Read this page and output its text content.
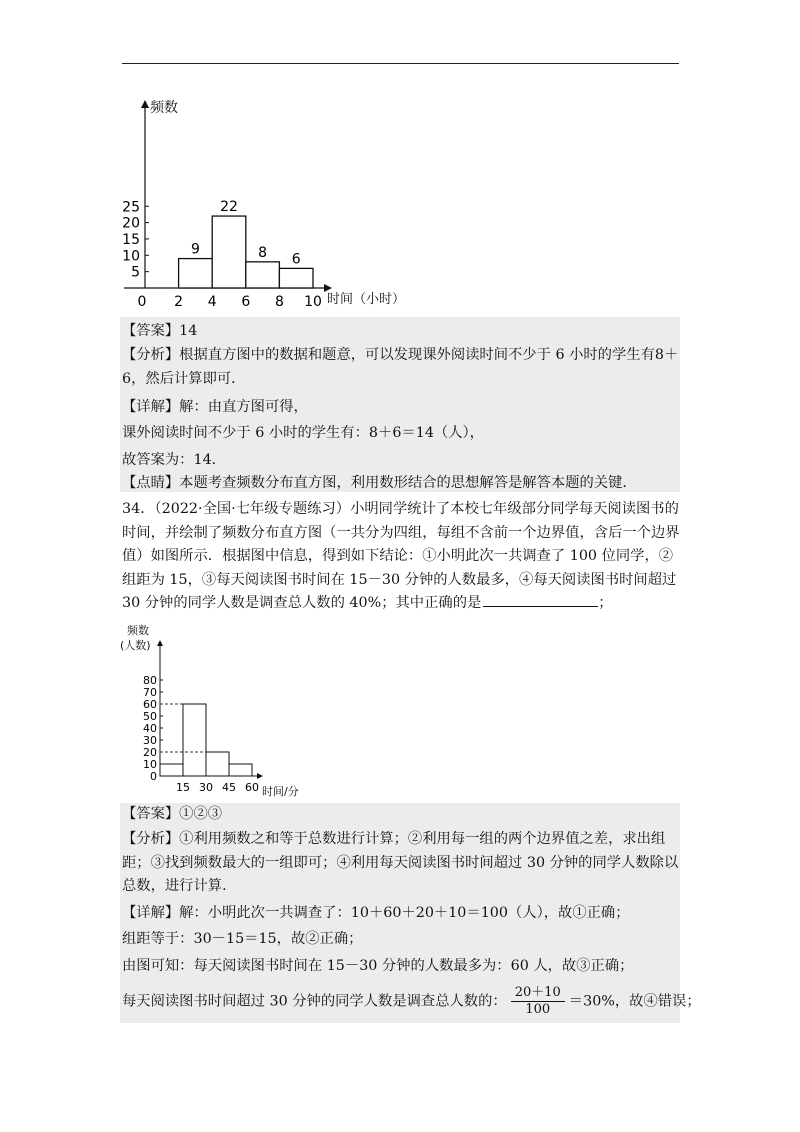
5
10
15
20
25
0 2 4 6 8 10
9
22
8 6
频数
时间（小时）
【答案】14

【分析】根据直方图中的数据和题意，可以发现课外阅读时间不少于 6 小时的学生有8＋6，然后计算即可．

【详解】解：由直方图可得，
课外阅读时间不少于 6 小时的学生有：8＋6＝14（人），
故答案为：14．
【点睛】本题考查频数分布直方图，利用数形结合的思想解答是解答本题的关键．

34．（2022·全国·七年级专题练习）小明同学统计了本校七年级部分同学每天阅读图书的时间，并绘制了频数分布直方图（一共分为四组，每组不含前一个边界值，含后一个边界值）如图所示．根据图中信息，得到如下结论：①小明此次一共调查了 100 位同学，②组距为 15，③每天阅读图书时间在 15－30 分钟的人数最多，④每天阅读图书时间超过 30 分钟的同学人数是调查总人数的 40%；其中正确的是	；

频数
(人数)
0
10
20
30
40
50
60
70
80
15 30 45 60 时间/分
【答案】①②③

【分析】①利用频数之和等于总数进行计算；②利用每一组的两个边界值之差，求出组距；③找到频数最大的一组即可；④利用每天阅读图书时间超过 30 分钟的同学人数除以总数，进行计算．

【详解】解：小明此次一共调查了：10＋60＋20＋10＝100（人），故①正确；
组距等于：30－15＝15，故②正确；
由图可知：每天阅读图书时间在 15－30 分钟的人数最多为：60 人，故③正确；
每天阅读图书时间超过 30 分钟的同学人数是调查总人数的： $\frac{20+10}{100} =30\%$，故④错误；
